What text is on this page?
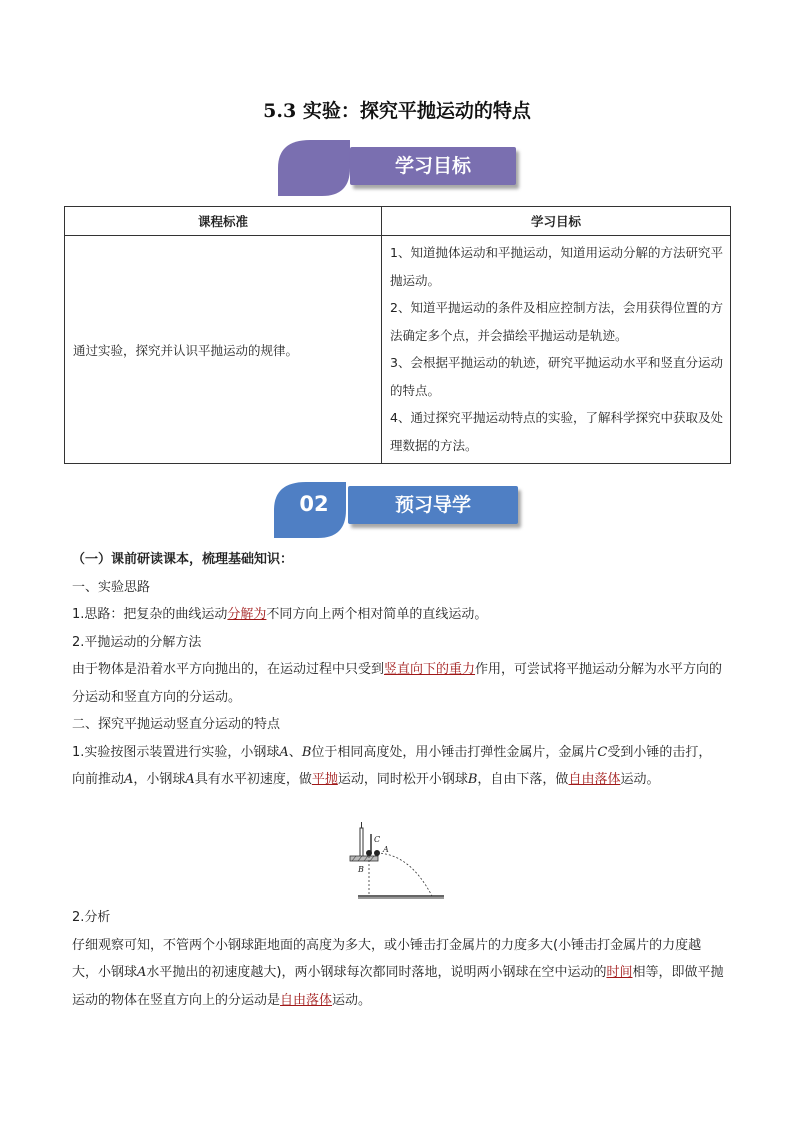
5.3 实验：探究平抛运动的特点
学习目标
课程标准	学习目标
通过实验，探究并认识平抛运动的规律。	1、知道抛体运动和平抛运动，知道用运动分解的方法研究平抛运动。
2、知道平抛运动的条件及相应控制方法，会用获得位置的方法确定多个点，并会描绘平抛运动是轨迹。
3、会根据平抛运动的轨迹，研究平抛运动水平和竖直分运动的特点。
4、通过探究平抛运动特点的实验，了解科学探究中获取及处理数据的方法。
02	预习导学

（一）课前研读课本，梳理基础知识：

一、实验思路

1.思路：把复杂的曲线运动分解为不同方向上两个相对简单的直线运动。

2.平抛运动的分解方法

由于物体是沿着水平方向抛出的，在运动过程中只受到竖直向下的重力作用，可尝试将平抛运动分解为水平方向的分运动和竖直方向的分运动。

二、探究平抛运动竖直分运动的特点

1.实验按图示装置进行实验，小钢球A、B位于相同高度处，用小锤击打弹性金属片，金属片C受到小锤的击打，向前推动A，小钢球A具有水平初速度，做平抛运动，同时松开小钢球B，自由下落，做自由落体运动。

C
A
B

2.分析

仔细观察可知，不管两个小钢球距地面的高度为多大，或小锤击打金属片的力度多大(小锤击打金属片的力度越大，小钢球A水平抛出的初速度越大)，两小钢球每次都同时落地，说明两小钢球在空中运动的时间相等，即做平抛运动的物体在竖直方向上的分运动是自由落体运动。
